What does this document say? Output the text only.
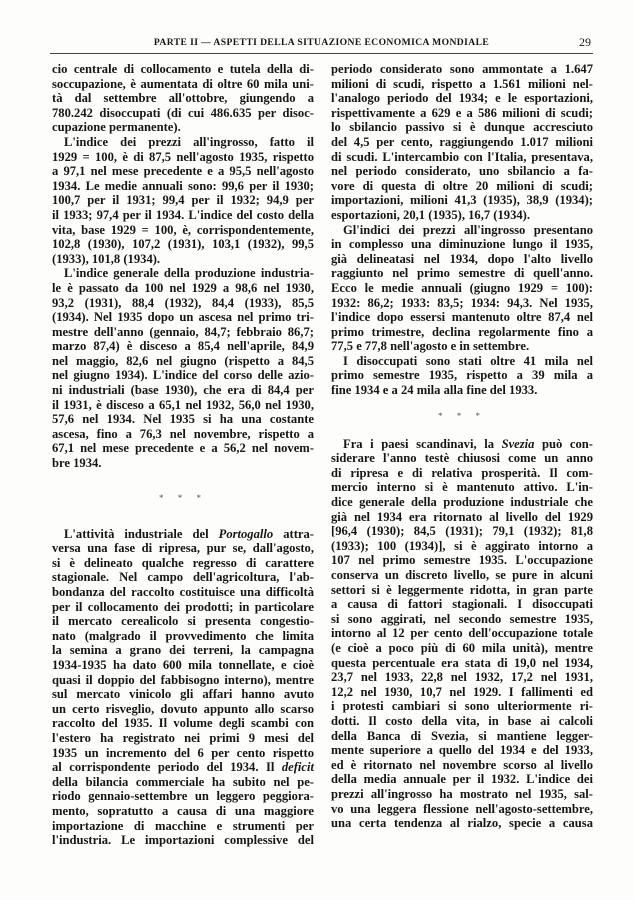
PARTE II — ASPETTI DELLA SITUAZIONE ECONOMICA MONDIALE	29
cio centrale di collocamento e tutela della di-
soccupazione, è aumentata di oltre 60 mila uni-
tà dal settembre all'ottobre, giungendo a
780.242 disoccupati (di cui 486.635 per disoc-
cupazione permanente).
L'indice dei prezzi all'ingrosso, fatto il
1929 = 100, è di 87,5 nell'agosto 1935, rispetto
a 97,1 nel mese precedente e a 95,5 nell'agosto
1934. Le medie annuali sono: 99,6 per il 1930;
100,7 per il 1931; 99,4 per il 1932; 94,9 per
il 1933; 97,4 per il 1934. L'indice del costo della
vita, base 1929 = 100, è, corrispondentemente,
102,8 (1930), 107,2 (1931), 103,1 (1932), 99,5
(1933), 101,8 (1934).
L'indice generale della produzione industria-
le è passato da 100 nel 1929 a 98,6 nel 1930,
93,2 (1931), 88,4 (1932), 84,4 (1933), 85,5
(1934). Nel 1935 dopo un ascesa nel primo tri-
mestre dell'anno (gennaio, 84,7; febbraio 86,7;
marzo 87,4) è disceso a 85,4 nell'aprile, 84,9
nel maggio, 82,6 nel giugno (rispetto a 84,5
nel giugno 1934). L'indice del corso delle azio-
ni industriali (base 1930), che era di 84,4 per
il 1931, è disceso a 65,1 nel 1932, 56,0 nel 1930,
57,6 nel 1934. Nel 1935 si ha una costante
ascesa, fino a 76,3 nel novembre, rispetto a
67,1 nel mese precedente e a 56,2 nel novem-
bre 1934.
* * *
L'attività industriale del Portogallo attra-
versa una fase di ripresa, pur se, dall'agosto,
si è delineato qualche regresso di carattere
stagionale. Nel campo dell'agricoltura, l'ab-
bondanza del raccolto costituisce una difficoltà
per il collocamento dei prodotti; in particolare
il mercato cerealicolo si presenta congestio-
nato (malgrado il provvedimento che limita
la semina a grano dei terreni, la campagna
1934-1935 ha dato 600 mila tonnellate, e cioè
quasi il doppio del fabbisogno interno), mentre
sul mercato vinicolo gli affari hanno avuto
un certo risveglio, dovuto appunto allo scarso
raccolto del 1935. Il volume degli scambi con
l'estero ha registrato nei primi 9 mesi del
1935 un incremento del 6 per cento rispetto
al corrispondente periodo del 1934. Il deficit
della bilancia commerciale ha subito nel pe-
riodo gennaio-settembre un leggero peggiora-
mento, sopratutto a causa di una maggiore
importazione di macchine e strumenti per
l'industria. Le importazioni complessive del
periodo considerato sono ammontate a 1.647
milioni di scudi, rispetto a 1.561 milioni nel-
l'analogo periodo del 1934; e le esportazioni,
rispettivamente a 629 e a 586 milioni di scudi;
lo sbilancio passivo si è dunque accresciuto
del 4,5 per cento, raggiungendo 1.017 milioni
di scudi. L'intercambio con l'Italia, presentava,
nel periodo considerato, uno sbilancio a fa-
vore di questa di oltre 20 milioni di scudi;
importazioni, milioni 41,3 (1935), 38,9 (1934);
esportazioni, 20,1 (1935), 16,7 (1934).
Gl'indici dei prezzi all'ingrosso presentano
in complesso una diminuzione lungo il 1935,
già delineatasi nel 1934, dopo l'alto livello
raggiunto nel primo semestre di quell'anno.
Ecco le medie annuali (giugno 1929 = 100):
1932: 86,2; 1933: 83,5; 1934: 94,3. Nel 1935,
l'indice dopo essersi mantenuto oltre 87,4 nel
primo trimestre, declina regolarmente fino a
77,5 e 77,8 nell'agosto e in settembre.
I disoccupati sono stati oltre 41 mila nel
primo semestre 1935, rispetto a 39 mila a
fine 1934 e a 24 mila alla fine del 1933.
* * *
Fra i paesi scandinavi, la Svezia può con-
siderare l'anno testè chiusosi come un anno
di ripresa e di relativa prosperità. Il com-
mercio interno si è mantenuto attivo. L'in-
dice generale della produzione industriale che
già nel 1934 era ritornato al livello del 1929
[96,4 (1930); 84,5 (1931); 79,1 (1932); 81,8
(1933); 100 (1934)], si è aggirato intorno a
107 nel primo semestre 1935. L'occupazione
conserva un discreto livello, se pure in alcuni
settori si è leggermente ridotta, in gran parte
a causa di fattori stagionali. I disoccupati
si sono aggirati, nel secondo semestre 1935,
intorno al 12 per cento dell'occupazione totale
(e cioè a poco più di 60 mila unità), mentre
questa percentuale era stata di 19,0 nel 1934,
23,7 nel 1933, 22,8 nel 1932, 17,2 nel 1931,
12,2 nel 1930, 10,7 nel 1929. I fallimenti ed
i protesti cambiari si sono ulteriormente ri-
dotti. Il costo della vita, in base ai calcoli
della Banca di Svezia, si mantiene legger-
mente superiore a quello del 1934 e del 1933,
ed è ritornato nel novembre scorso al livello
della media annuale per il 1932. L'indice dei
prezzi all'ingrosso ha mostrato nel 1935, sal-
vo una leggera flessione nell'agosto-settembre,
una certa tendenza al rialzo, specie a causa
